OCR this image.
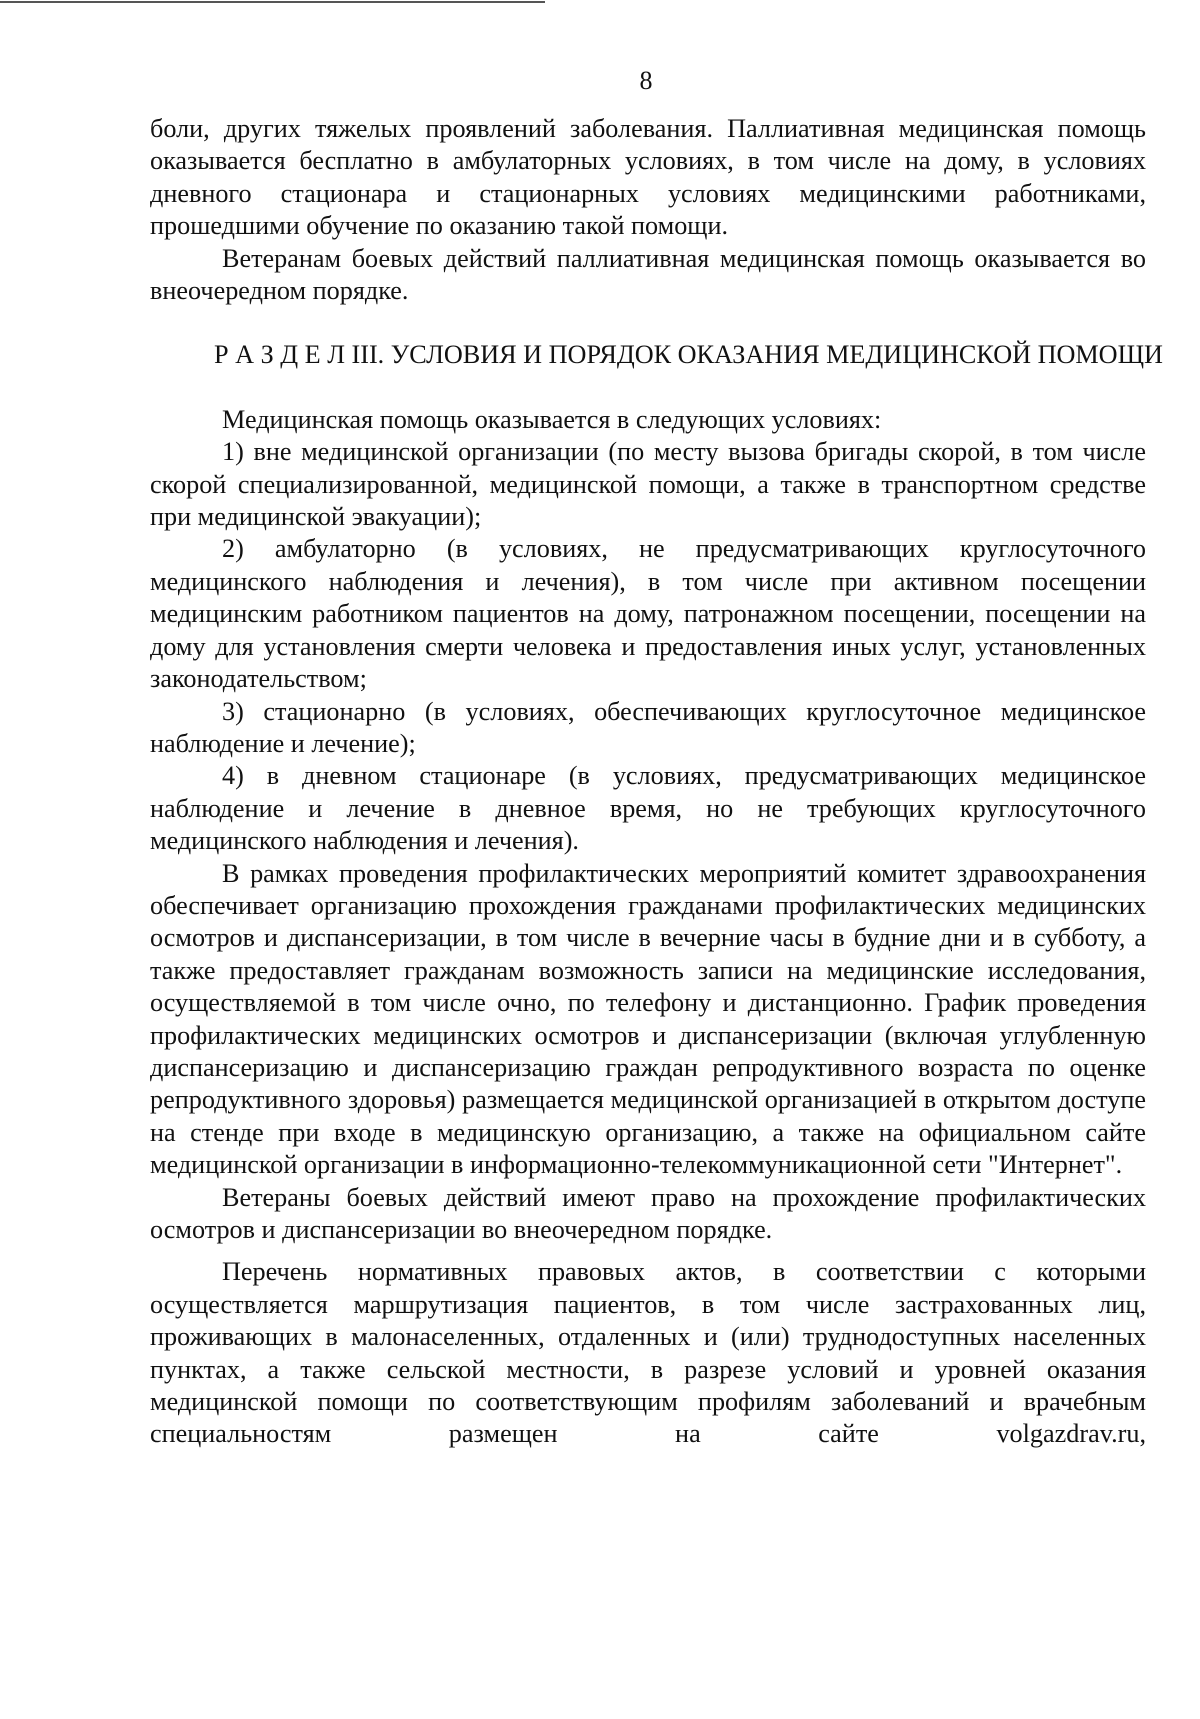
8

боли, других тяжелых проявлений заболевания. Паллиативная медицинская помощь оказывается бесплатно в амбулаторных условиях, в том числе на дому, в условиях дневного стационара и стационарных условиях медицинскими работниками, прошедшими обучение по оказанию такой помощи.

Ветеранам боевых действий паллиативная медицинская помощь оказывается во внеочередном порядке.

Р А З Д Е Л III. УСЛОВИЯ И ПОРЯДОК ОКАЗАНИЯ МЕДИЦИНСКОЙ ПОМОЩИ

Медицинская помощь оказывается в следующих условиях:

1) вне медицинской организации (по месту вызова бригады скорой, в том числе скорой специализированной, медицинской помощи, а также в транспортном средстве при медицинской эвакуации);

2) амбулаторно (в условиях, не предусматривающих круглосуточного медицинского наблюдения и лечения), в том числе при активном посещении медицинским работником пациентов на дому, патронажном посещении, посещении на дому для установления смерти человека и предоставления иных услуг, установленных законодательством;

3) стационарно (в условиях, обеспечивающих круглосуточное медицинское наблюдение и лечение);

4) в дневном стационаре (в условиях, предусматривающих медицинское наблюдение и лечение в дневное время, но не требующих круглосуточного медицинского наблюдения и лечения).

В рамках проведения профилактических мероприятий комитет здравоохранения обеспечивает организацию прохождения гражданами профилактических медицинских осмотров и диспансеризации, в том числе в вечерние часы в будние дни и в субботу, а также предоставляет гражданам возможность записи на медицинские исследования, осуществляемой в том числе очно, по телефону и дистанционно. График проведения профилактических медицинских осмотров и диспансеризации (включая углубленную диспансеризацию и диспансеризацию граждан репродуктивного возраста по оценке репродуктивного здоровья) размещается медицинской организацией в открытом доступе на стенде при входе в медицинскую организацию, а также на официальном сайте медицинской организации в информационно-телекоммуникационной сети "Интернет".

Ветераны боевых действий имеют право на прохождение профилактических осмотров и диспансеризации во внеочередном порядке.

Перечень нормативных правовых актов, в соответствии с которыми осуществляется маршрутизация пациентов, в том числе застрахованных лиц, проживающих в малонаселенных, отдаленных и (или) труднодоступных населенных пунктах, а также сельской местности, в разрезе условий и уровней оказания медицинской помощи по соответствующим профилям заболеваний и врачебным специальностям размещен на сайте volgazdrav.ru,
